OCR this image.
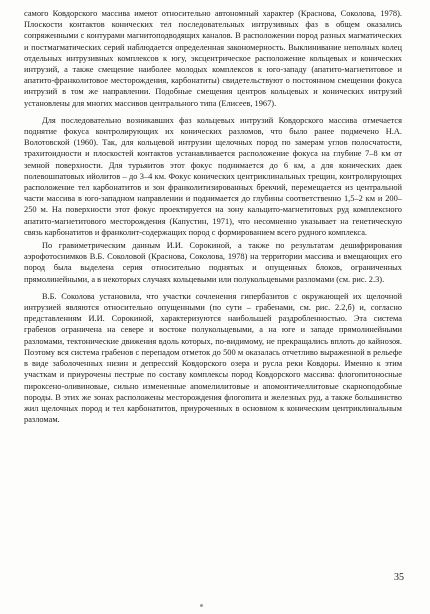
самого Ковдорского массива имеют относительно автономный характер (Краснова, Соколова, 1978). Плоскости контактов конических тел последовательных интрузивных фаз в общем оказались сопряженными с контурами магнитоподводящих каналов. В расположении пород разных магматических и постмагматических серий наблюдается определенная закономерность. Выклинивание неполных колец отдельных интрузивных комплексов к югу, эксцентрическое расположение кольцевых и конических интрузий, а также смещение наиболее молодых комплексов к юго-западу (апатито-магнетитовое и апатито-франколитовое месторождения, карбонатиты) свидетельствуют о постоянном смещении фокуса интрузий в том же направлении. Подобные смещения центров кольцевых и конических интрузий установлены для многих массивов центрального типа (Елисеев, 1967).

Для последовательно возникавших фаз кольцевых интрузий Ковдорского массива отмечается поднятие фокуса контролирующих их конических разломов, что было ранее подмечено Н.А. Волотовской (1960). Так, для кольцевой интрузии щелочных пород по замерам углов полосчатости, трахитоидности и плоскостей контактов устанавливается расположение фокуса на глубине 7–8 км от земной поверхности. Для турьяитов этот фокус поднимается до 6 км, а для конических даек полевошпатовых ийолитов – до 3–4 км. Фокус конических центриклинальных трещин, контролирующих расположение тел карбонатитов и зон франколитизированных брекчий, перемещается из центральной части массива в юго-западном направлении и поднимается до глубины соответственно 1,5–2 км и 200–250 м. На поверхности этот фокус проектируется на зону кальцито-магнетитовых руд комплексного апатито-магнетитового месторождения (Капустин, 1971), что несомненно указывает на генетическую связь карбонатитов и франколит-содержащих пород с формированием всего рудного комплекса.

По гравиметрическим данным И.И. Сорокиной, а также по результатам дешифрирования аэрофотоснимков В.Б. Соколовой (Краснова, Соколова, 1978) на территории массива и вмещающих его пород была выделена серия относительно поднятых и опущенных блоков, ограниченных прямолинейными, а в некоторых случаях кольцевыми или полукольцевыми разломами (см. рис. 2.3).

В.Б. Соколова установила, что участки сочленения гипербазитов с окружающей их щелочной интрузией являются относительно опущенными (по сути – грабенами, см. рис. 2.2,б) и, согласно представлениям И.И. Сорокиной, характеризуются наибольшей раздробленностью. Эта система грабенов ограничена на севере и востоке полукольцевыми, а на юге и западе прямолинейными разломами, тектонические движения вдоль которых, по-видимому, не прекращались вплоть до кайнозоя. Поэтому вся система грабенов с перепадом отметок до 500 м оказалась отчетливо выраженной в рельефе в виде заболоченных низин и депрессий Ковдорского озера и русла реки Ковдоры. Именно к этим участкам и приурочены пестрые по составу комплексы пород Ковдорского массива: флогопитоносные пироксено-оливиновые, сильно измененные апомелилитовые и апомонтичеллитовые скарноподобные породы. В этих же зонах расположены месторождения флогопита и железных руд, а также большинство жил щелочных пород и тел карбонатитов, приуроченных в основном к коническим центриклинальным разломам.

35
